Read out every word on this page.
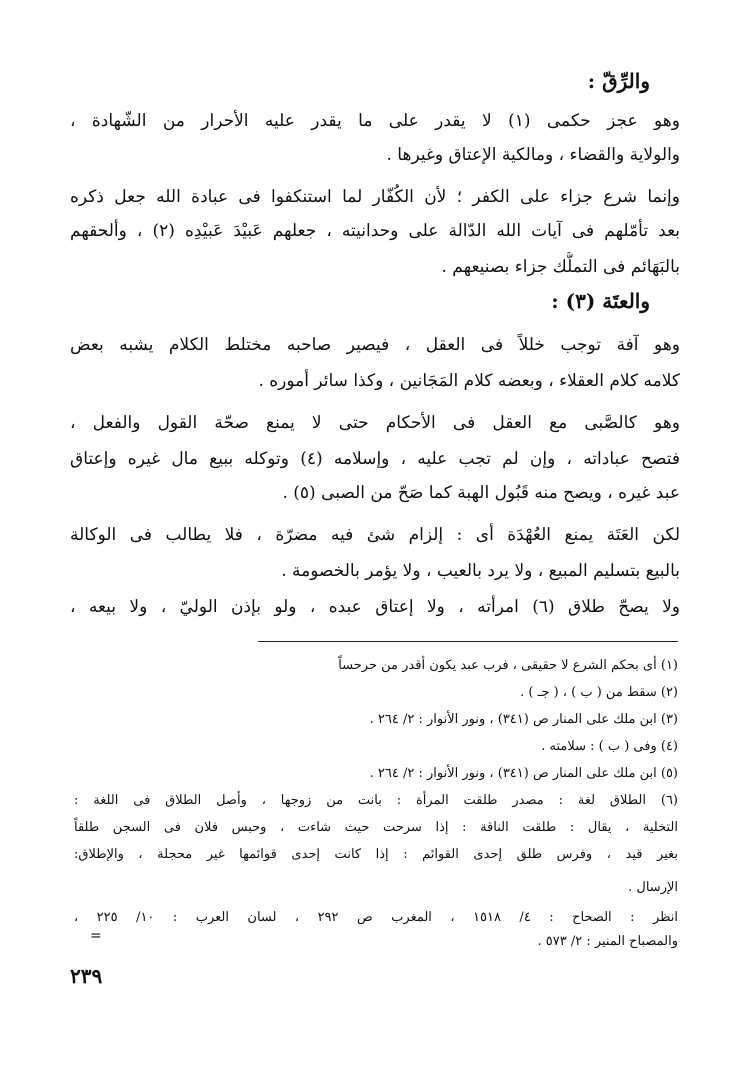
والرِّقّ :
وهو عجز حكمى (١) لا يقدر على ما يقدر عليه الأحرار من الشّهادة ،
والولاية والقضاء ، ومالكية الإعتاق وغيرها .
وإنما شرع جزاء على الكفر ؛ لأن الكُفّار لما استنكفوا فى عبادة الله جعل ذكره
بعد تأمّلهم فى آيات الله الدّالة على وحدانيته ، جعلهم عَبيْدَ عَبيْدِه (٢) ، وألحقهم
بالبَهَائم فى التملُّك جزاء بصنيعهم .
والعتَة (٣) :
وهو آفة توجب خللاً فى العقل ، فيصير صاحبه مختلط الكلام يشبه بعض
كلامه كلام العقلاء ، وبعضه كلام المَجَانين ، وكذا سائر أموره .
وهو كالصَّبى مع العقل فى الأحكام حتى لا يمنع صحّة القول والفعل ،
فتصح عباداته ، وإن لم تجب عليه ، وإسلامه (٤) وتوكله ببيع مال غيره وإعتاق
عبد غيره ، ويصح منه قَبُول الهبة كما صَحّ من الصبى (٥) .
لكن العَتَة يمنع العُهْدَة أى : إلزام شئ فيه مضرّة ، فلا يطالب فى الوكالة
بالبيع بتسليم المبيع ، ولا يرد بالعيب ، ولا يؤمر بالخصومة .
ولا يصحّ طلاق (٦) امرأته ، ولا إعتاق عبده ، ولو بإذن الوليّ ، ولا بيعه ،
(١) أى بحكم الشرع لا حقيقى ، فرب عبد يكون أقدر من حرحساً
(٢) سقط من ( ب ) ، ( جـ ) .
(٣) ابن ملك على المنار ص (٣٤١) ، ونور الأنوار : ٢/ ٢٦٤ .
(٤) وفى ( ب ) : سلامته .
(٥) ابن ملك على المنار ص (٣٤١) ، ونور الأنوار : ٢/ ٢٦٤ .
(٦) الطلاق لغة : مصدر طلقت المرأة : بانت من زوجها ، وأصل الطلاق فى اللغة :
التخلية ، يقال : طلقت الناقة : إذا سرحت حيث شاءت ، وحبس فلان فى السجن طلقاً
بغير قيد ، وفرس طلق إحدى القوائم : إذا كانت إحدى قوائمها غير محجلة ، والإطلاق:
الإرسال .
انظر : الصحاح : ٤/ ١٥١٨ ، المغرب ص ٢٩٢ ، لسان العرب : ١٠/ ٢٢٥ ،
والمصباح المنير : ٢/ ٥٧٣ .
=
٢٣٩
